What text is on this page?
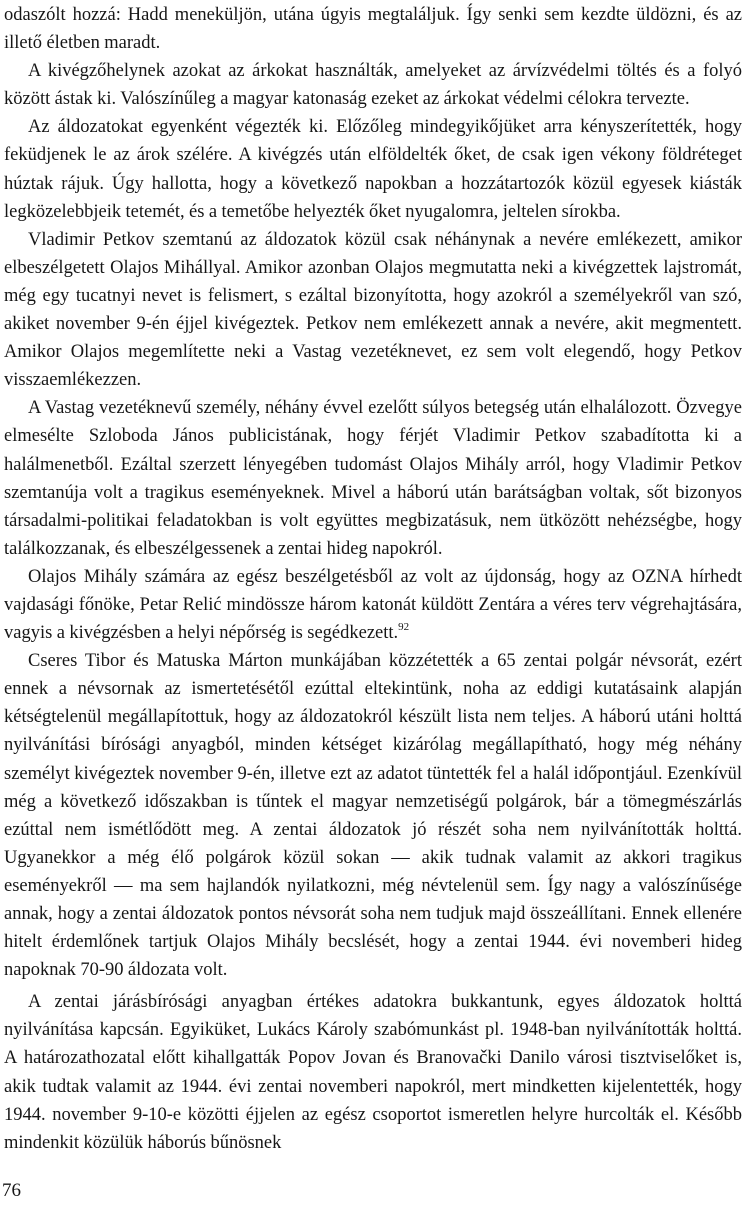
odaszólt hozzá: Hadd meneküljön, utána úgyis megtaláljuk. Így senki sem kezdte üldözni, és az illető életben maradt.

A kivégzőhelynek azokat az árkokat használták, amelyeket az árvízvédelmi töltés és a folyó között ástak ki. Valószínűleg a magyar katonaság ezeket az árkokat védelmi célokra tervezte.

Az áldozatokat egyenként végezték ki. Előzőleg mindegyikőjüket arra kényszerítették, hogy feküdjenek le az árok szélére. A kivégzés után elföldelték őket, de csak igen vékony földréteget húztak rájuk. Úgy hallotta, hogy a következő napokban a hozzátartozók közül egyesek kiásták legközelebbjeik tetemét, és a temetőbe helyezték őket nyugalomra, jeltelen sírokba.

Vladimir Petkov szemtanú az áldozatok közül csak néhánynak a nevére emlékezett, amikor elbeszélgetett Olajos Mihállyal. Amikor azonban Olajos megmutatta neki a kivégzettek lajstromát, még egy tucatnyi nevet is felismert, s ezáltal bizonyította, hogy azokról a személyekről van szó, akiket november 9-én éjjel kivégeztek. Petkov nem emlékezett annak a nevére, akit megmentett. Amikor Olajos megemlítette neki a Vastag vezetéknevet, ez sem volt elegendő, hogy Petkov visszaemlékezzen.

A Vastag vezetéknevű személy, néhány évvel ezelőtt súlyos betegség után elhalálozott. Özvegye elmesélte Szloboda János publicistának, hogy férjét Vladimir Petkov szabadította ki a halálmenetből. Ezáltal szerzett lényegében tudomást Olajos Mihály arról, hogy Vladimir Petkov szemtanúja volt a tragikus eseményeknek. Mivel a háború után barátságban voltak, sőt bizonyos társadalmi-politikai feladatokban is volt együttes megbizatásuk, nem ütközött nehézségbe, hogy találkozzanak, és elbeszélgessenek a zentai hideg napokról.

Olajos Mihály számára az egész beszélgetésből az volt az újdonság, hogy az OZNA hírhedt vajdasági főnöke, Petar Relić mindössze három katonát küldött Zentára a véres terv végrehajtására, vagyis a kivégzésben a helyi népőrség is segédkezett.$^{92}$

Cseres Tibor és Matuska Márton munkájában közzétették a 65 zentai polgár névsorát, ezért ennek a névsornak az ismertetésétől ezúttal eltekintünk, noha az eddigi kutatásaink alapján kétségtelenül megállapítottuk, hogy az áldozatokról készült lista nem teljes. A háború utáni holttá nyilvánítási bírósági anyagból, minden kétséget kizárólag megállapítható, hogy még néhány személyt kivégeztek november 9-én, illetve ezt az adatot tüntették fel a halál időpontjául. Ezenkívül még a következő időszakban is tűntek el magyar nemzetiségű polgárok, bár a tömegmészárlás ezúttal nem ismétlődött meg. A zentai áldozatok jó részét soha nem nyilvánították holttá. Ugyanekkor a még élő polgárok közül sokan — akik tudnak valamit az akkori tragikus eseményekről — ma sem hajlandók nyilatkozni, még névtelenül sem. Így nagy a valószínűsége annak, hogy a zentai áldozatok pontos névsorát soha nem tudjuk majd összeállítani. Ennek ellenére hitelt érdemlőnek tartjuk Olajos Mihály becslését, hogy a zentai 1944. évi novemberi hideg napoknak 70-90 áldozata volt.

A zentai járásbírósági anyagban értékes adatokra bukkantunk, egyes áldozatok holttá nyilvánítása kapcsán. Egyiküket, Lukács Károly szabómunkást pl. 1948-ban nyilvánították holttá. A határozathozatal előtt kihallgatták Popov Jovan és Branovački Danilo városi tisztviselőket is, akik tudtak valamit az 1944. évi zentai novemberi napokról, mert mindketten kijelentették, hogy 1944. november 9-10-e közötti éjjelen az egész csoportot ismeretlen helyre hurcolták el. Később mindenkit közülük háborús bűnösnek

76
